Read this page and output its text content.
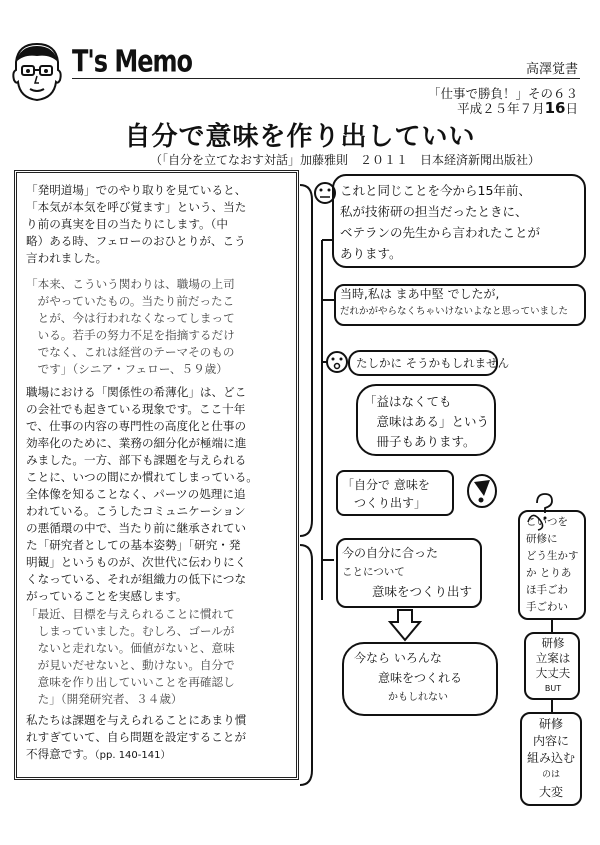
T's Memo	高澤覚書
「仕事で勝負！」その６３
平成２５年７月16日
自分で意味を作り出していい
（「自分を立てなおす対話」加藤雅則　２０１１　日本経済新聞出版社）
「発明道場」でのやり取りを見ていると、
「本気が本気を呼び覚ます」という、当た
り前の真実を目の当たりにします。（中
略）ある時、フェローのおひとりが、こう
言われました。
「本来、こういう関わりは、職場の上司
　がやっていたもの。当たり前だったこ
　とが、今は行われなくなってしまって
　いる。若手の努力不足を指摘するだけ
　でなく、これは経営のテーマそのもの
　です」（シニア・フェロー、５９歳）
職場における「関係性の希薄化」は、どこ
の会社でも起きている現象です。ここ十年
で、仕事の内容の専門性の高度化と仕事の
効率化のために、業務の細分化が極端に進
みました。一方、部下も課題を与えられる
ことに、いつの間にか慣れてしまっている。
全体像を知ることなく、パーツの処理に追
われている。こうしたコミュニケーション
の悪循環の中で、当たり前に継承されてい
た「研究者としての基本姿勢」「研究・発
明観」というものが、次世代に伝わりにく
くなっている、それが組織力の低下につな
がっていることを実感します。
「最近、目標を与えられることに慣れて
　しまっていました。むしろ、ゴールが
　ないと走れない。価値がないと、意味
　が見いだせないと、動けない。自分で
　意味を作り出していいことを再確認し
　た」（開発研究者、３４歳）
私たちは課題を与えられることにあまり慣
れすぎていて、自ら問題を設定することが
不得意です。（pp. 140-141）
これと同じことを今から15年前、
私が技術研の担当だったときに、
ベテランの先生から言われたことが
あります。
当時,私は まあ中堅 でしたが,
だれかがやらなくちゃいけないよなと思っていました
たしかに そうかもしれません
「益はなくても
　意味はある」という
　冊子もあります。
「自分で 意味を
　つくり出す」
今の自分に合った
ことについて
意味をつくり出す
今なら いろんな
意味をつくれる
かもしれない
こいつを
研修に
どう生かす
か とりあ
ほ手ごわ
手ごわい
研修
立案は
大丈夫
BUT
研修
内容に
組み込む
のは
大変
